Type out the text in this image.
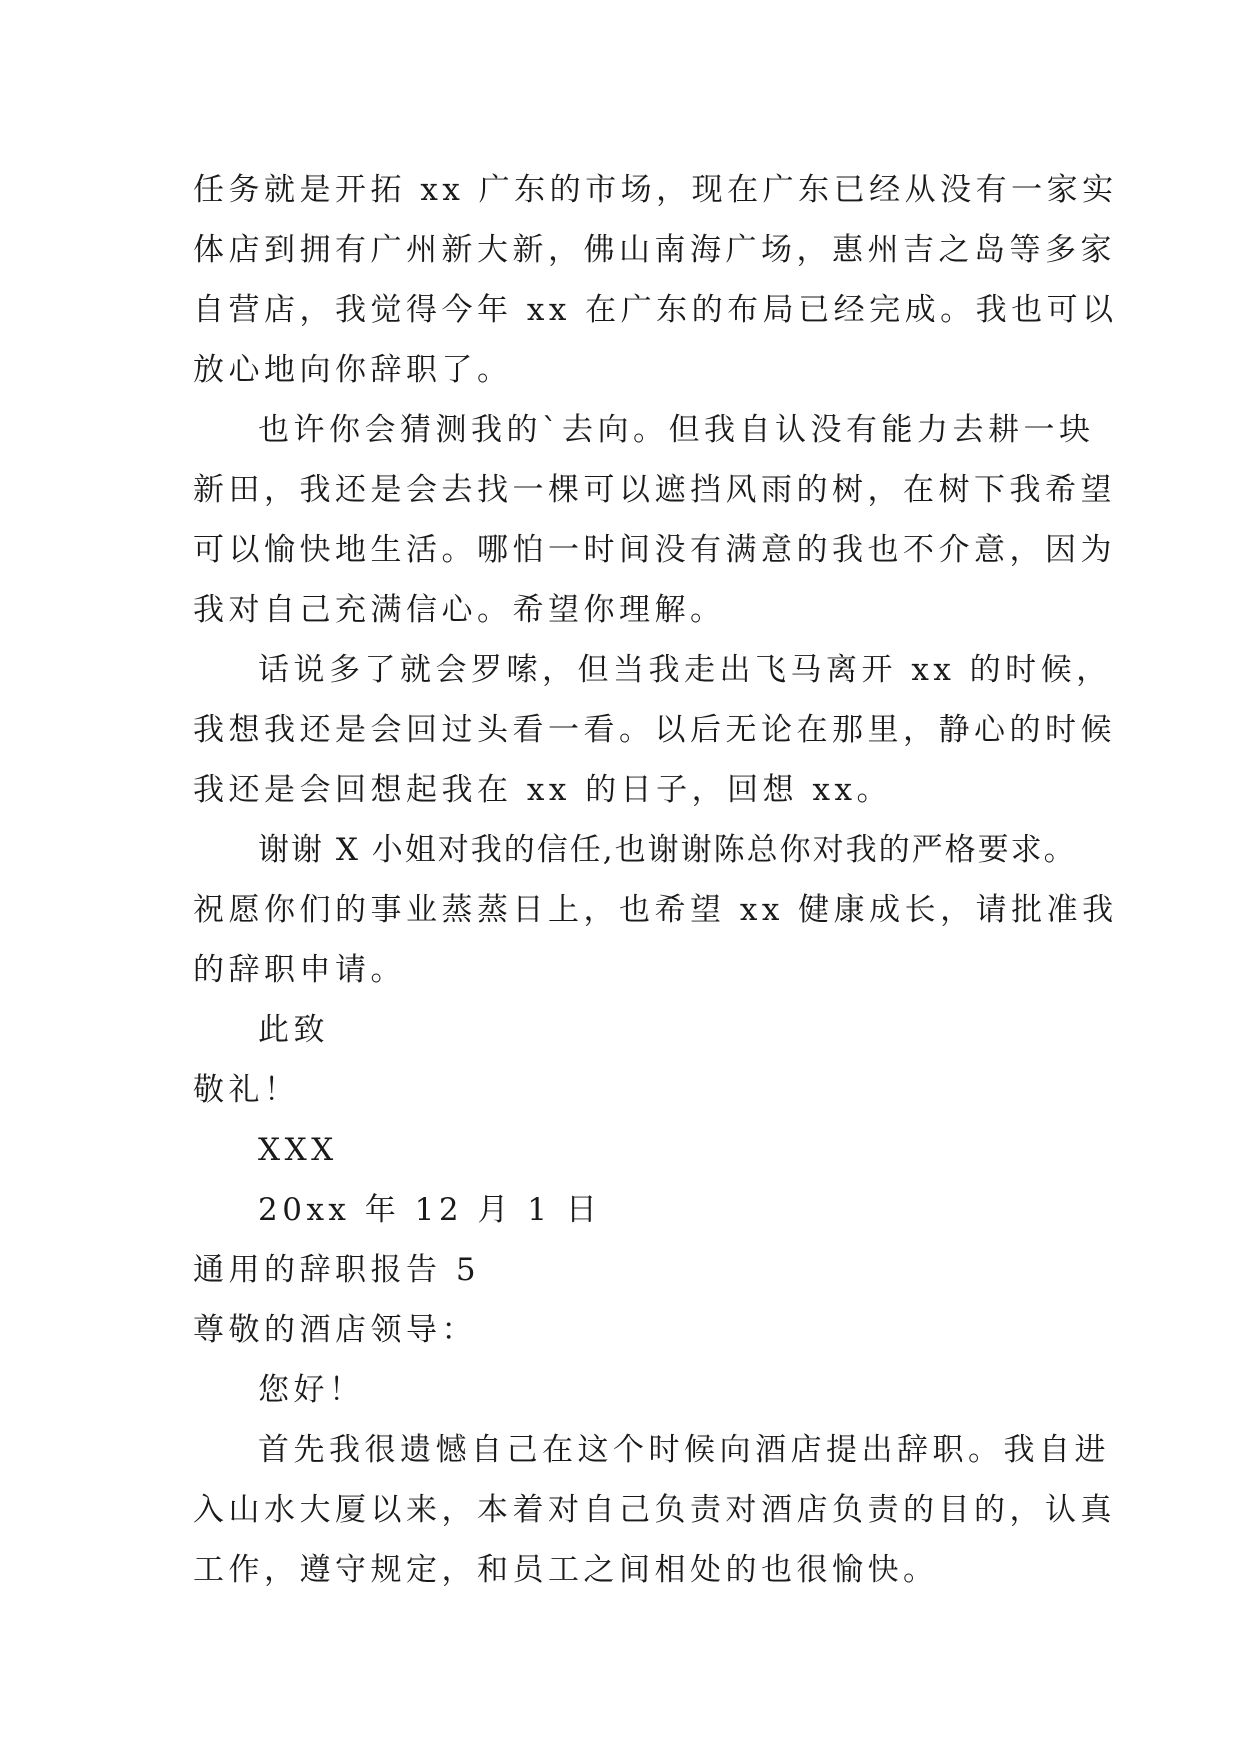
任务就是开拓 xx 广东的市场，现在广东已经从没有一家实
体店到拥有广州新大新，佛山南海广场，惠州吉之岛等多家
自营店，我觉得今年 xx 在广东的布局已经完成。我也可以
放心地向你辞职了。
也许你会猜测我的`去向。但我自认没有能力去耕一块
新田，我还是会去找一棵可以遮挡风雨的树，在树下我希望
可以愉快地生活。哪怕一时间没有满意的我也不介意，因为
我对自己充满信心。希望你理解。
话说多了就会罗嗦，但当我走出飞马离开 xx 的时候，
我想我还是会回过头看一看。以后无论在那里，静心的时候
我还是会回想起我在 xx 的日子，回想 xx。
谢谢 X 小姐对我的信任,也谢谢陈总你对我的严格要求。
祝愿你们的事业蒸蒸日上，也希望 xx 健康成长，请批准我
的辞职申请。
此致
敬礼！
XXX
20xx 年 12 月 1 日
通用的辞职报告 5
尊敬的酒店领导：
您好！
首先我很遗憾自己在这个时候向酒店提出辞职。我自进
入山水大厦以来，本着对自己负责对酒店负责的目的，认真
工作，遵守规定，和员工之间相处的也很愉快。
